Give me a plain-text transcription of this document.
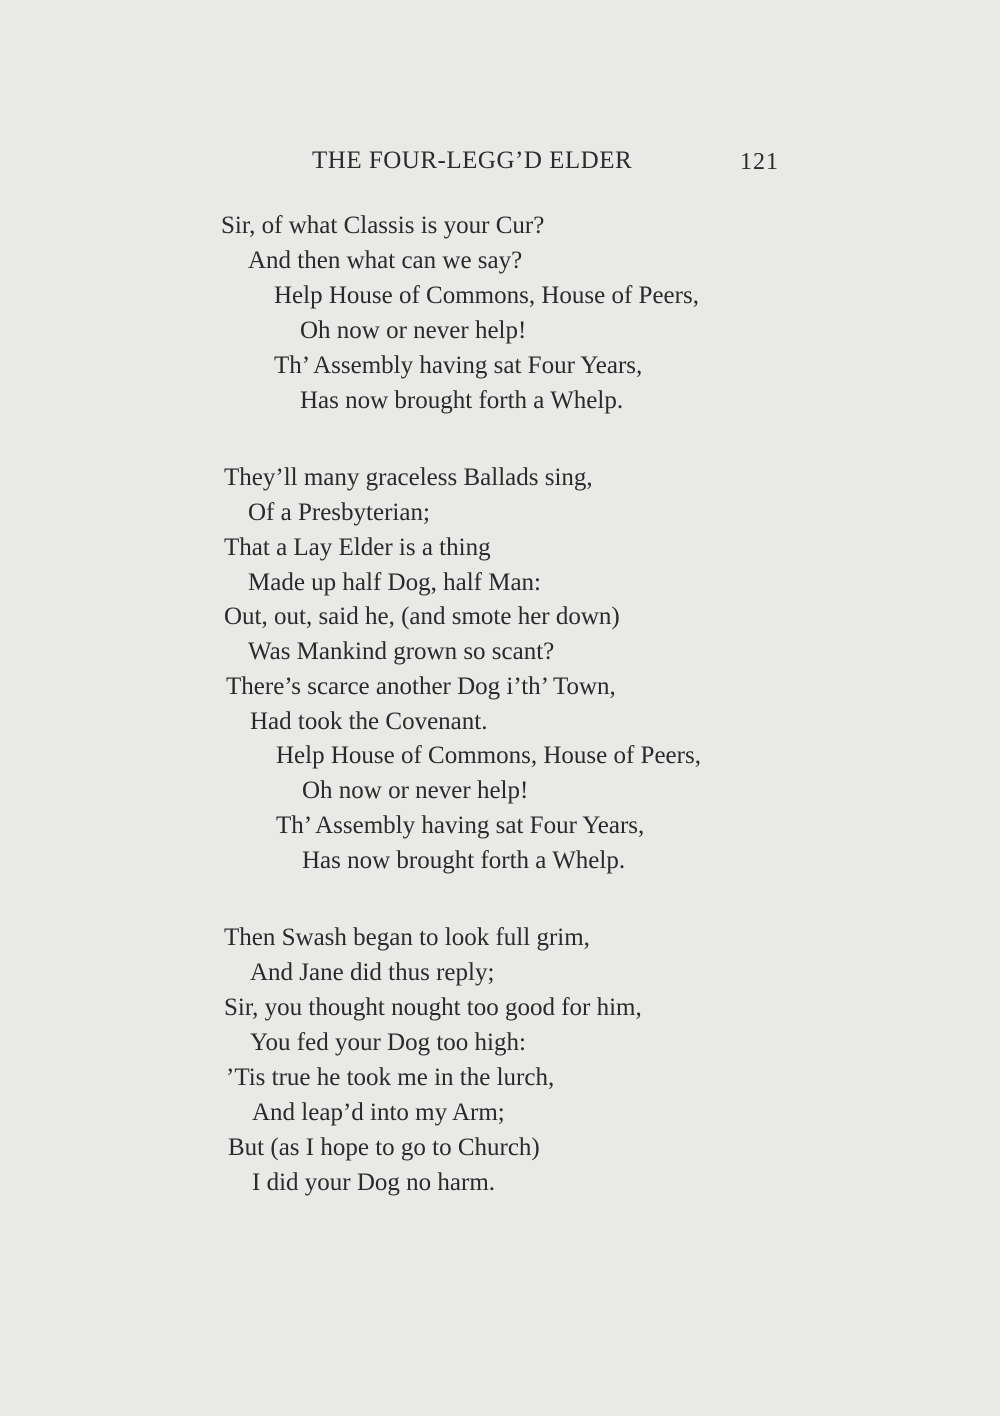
THE FOUR-LEGG’D ELDER	121
Sir, of what Classis is your Cur?
And then what can we say?
Help House of Commons, House of Peers,
Oh now or never help!
Th’ Assembly having sat Four Years,
Has now brought forth a Whelp.
They’ll many graceless Ballads sing,
Of a Presbyterian;
That a Lay Elder is a thing
Made up half Dog, half Man:
Out, out, said he, (and smote her down)
Was Mankind grown so scant?
There’s scarce another Dog i’th’ Town,
Had took the Covenant.
Help House of Commons, House of Peers,
Oh now or never help!
Th’ Assembly having sat Four Years,
Has now brought forth a Whelp.
Then Swash began to look full grim,
And Jane did thus reply;
Sir, you thought nought too good for him,
You fed your Dog too high:
’Tis true he took me in the lurch,
And leap’d into my Arm;
But (as I hope to go to Church)
I did your Dog no harm.
